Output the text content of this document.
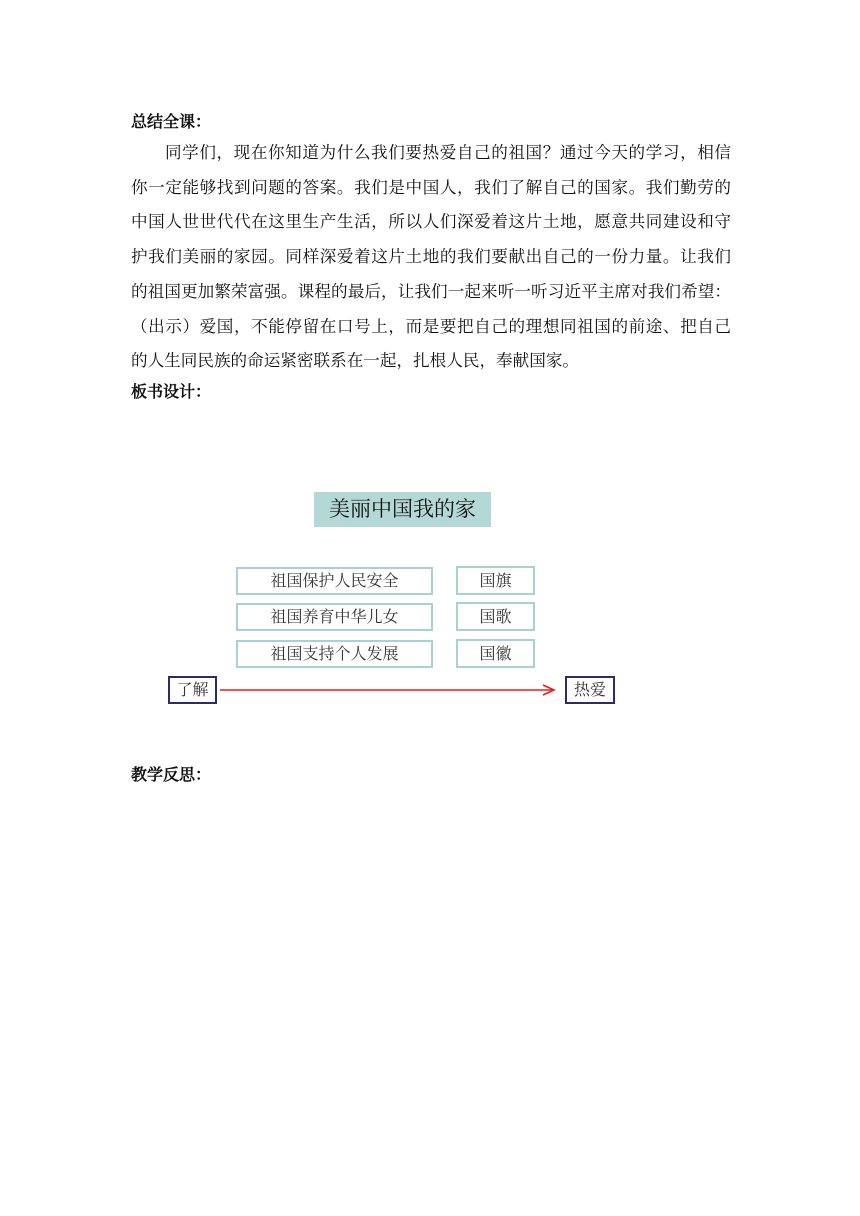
总结全课：

同学们，现在你知道为什么我们要热爱自己的祖国？通过今天的学习，相信
你一定能够找到问题的答案。我们是中国人，我们了解自己的国家。我们勤劳的
中国人世世代代在这里生产生活，所以人们深爱着这片土地，愿意共同建设和守
护我们美丽的家园。同样深爱着这片土地的我们要献出自己的一份力量。让我们
的祖国更加繁荣富强。课程的最后，让我们一起来听一听习近平主席对我们希望：
（出示）爱国，不能停留在口号上，而是要把自己的理想同祖国的前途、把自己
的人生同民族的命运紧密联系在一起，扎根人民，奉献国家。

板书设计：
美丽中国我的家
祖国保护人民安全
祖国养育中华儿女
祖国支持个人发展
国旗
国歌
国徽
了解	热爱
教学反思：
